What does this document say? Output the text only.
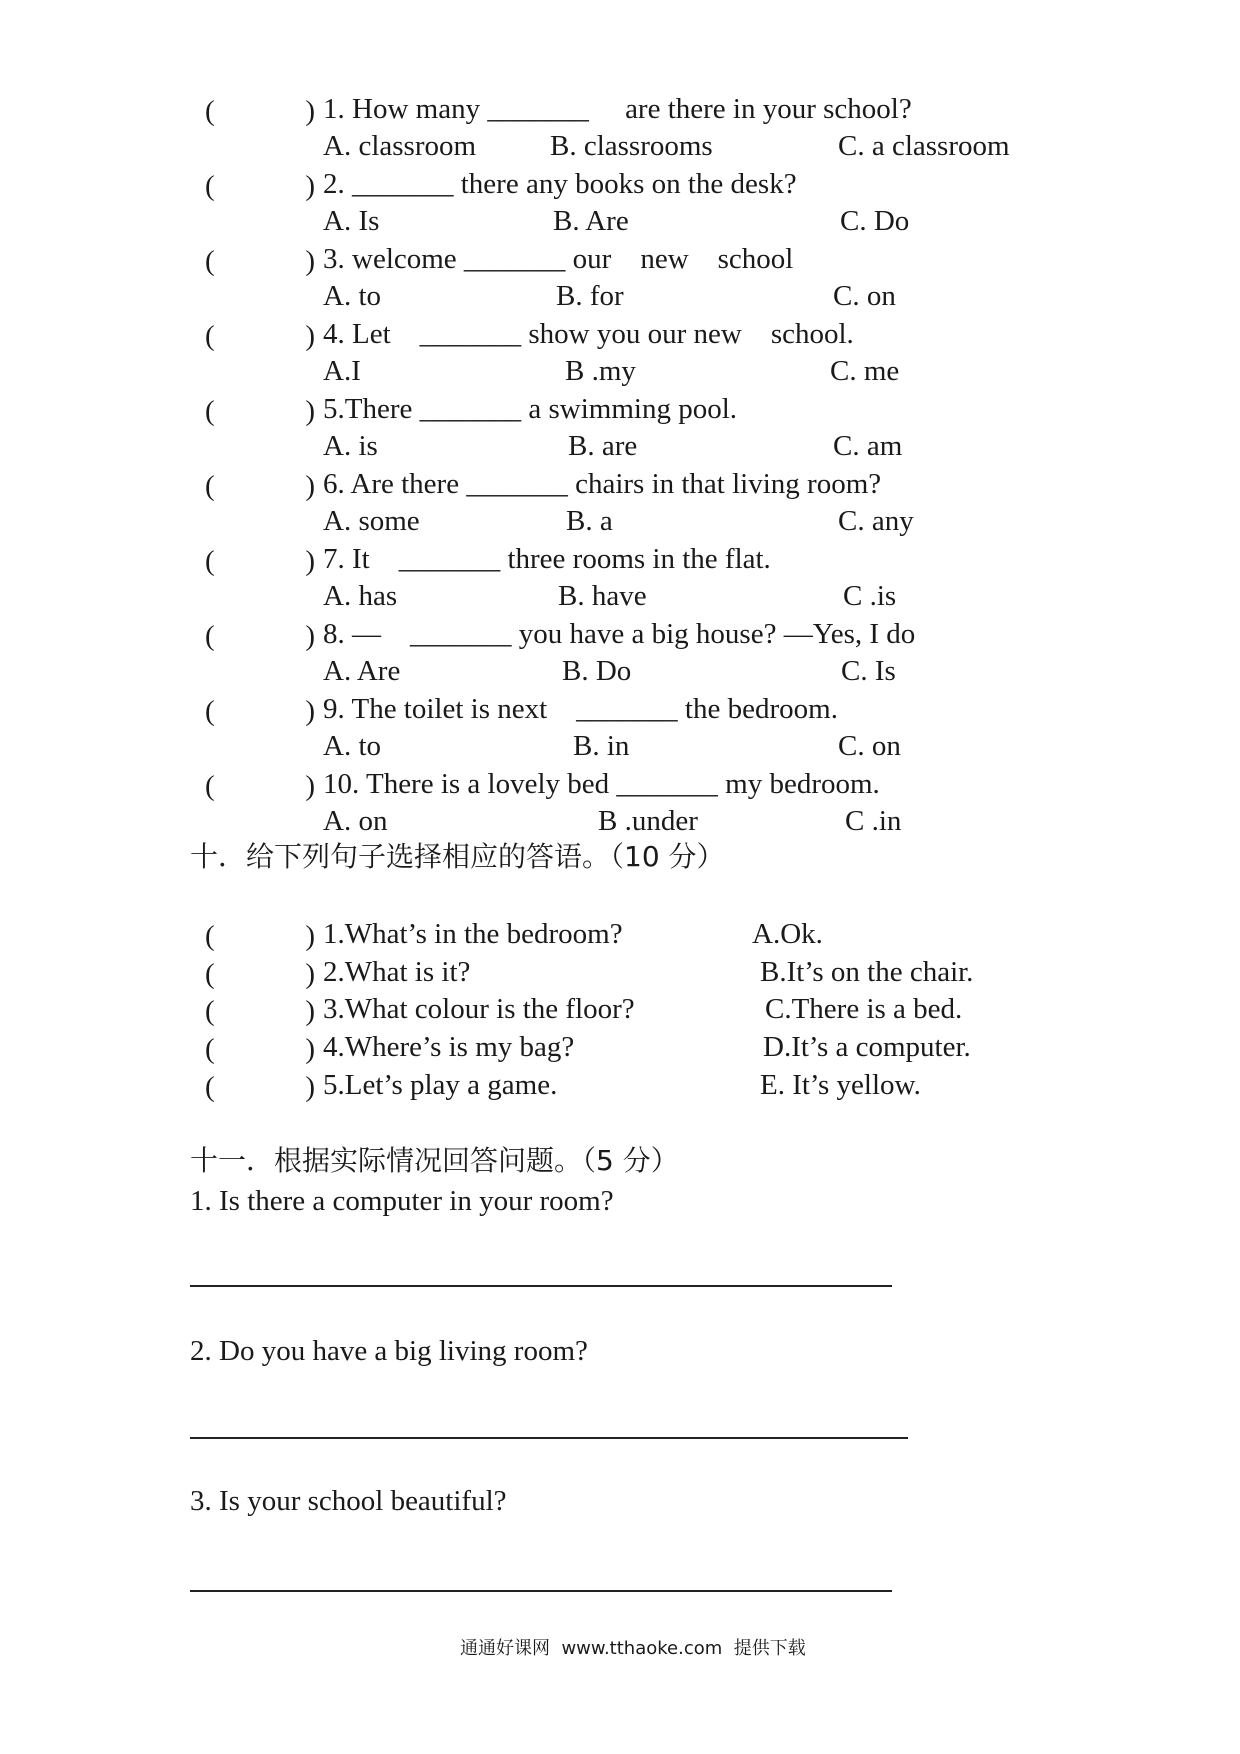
(	) 1. How many _______     are there in your school?
A. classroom	B. classrooms	C. a classroom
(	) 2. _______ there any books on the desk?
A. Is	B. Are	C. Do
(	) 3. welcome _______ our    new    school
A. to	B. for	C. on
(	) 4. Let    _______ show you our new    school.
A.I	B .my	C. me
(	) 5.There _______ a swimming pool.
A. is	B. are	C. am
(	) 6. Are there _______ chairs in that living room?
A. some	B. a	C. any
(	) 7. It    _______ three rooms in the flat.
A. has	B. have	C .is
(	) 8. —    _______ you have a big house? —Yes, I do
A. Are	B. Do	C. Is
(	) 9. The toilet is next    _______ the bedroom.
A. to	B. in	C. on
(	) 10. There is a lovely bed _______ my bedroom.
A. on	B .under	C .in
十．给下列句子选择相应的答语。（10 分）
(	) 1.What’s in the bedroom?	A.Ok.
(	) 2.What is it?	B.It’s on the chair.
(	) 3.What colour is the floor?	C.There is a bed.
(	) 4.Where’s is my bag?	D.It’s a computer.
(	) 5.Let’s play a game.	E. It’s yellow.
十一．根据实际情况回答问题。（5 分）
1. Is there a computer in your room?
2. Do you have a big living room?
3. Is your school beautiful?
通通好课网  www.tthaoke.com  提供下载
